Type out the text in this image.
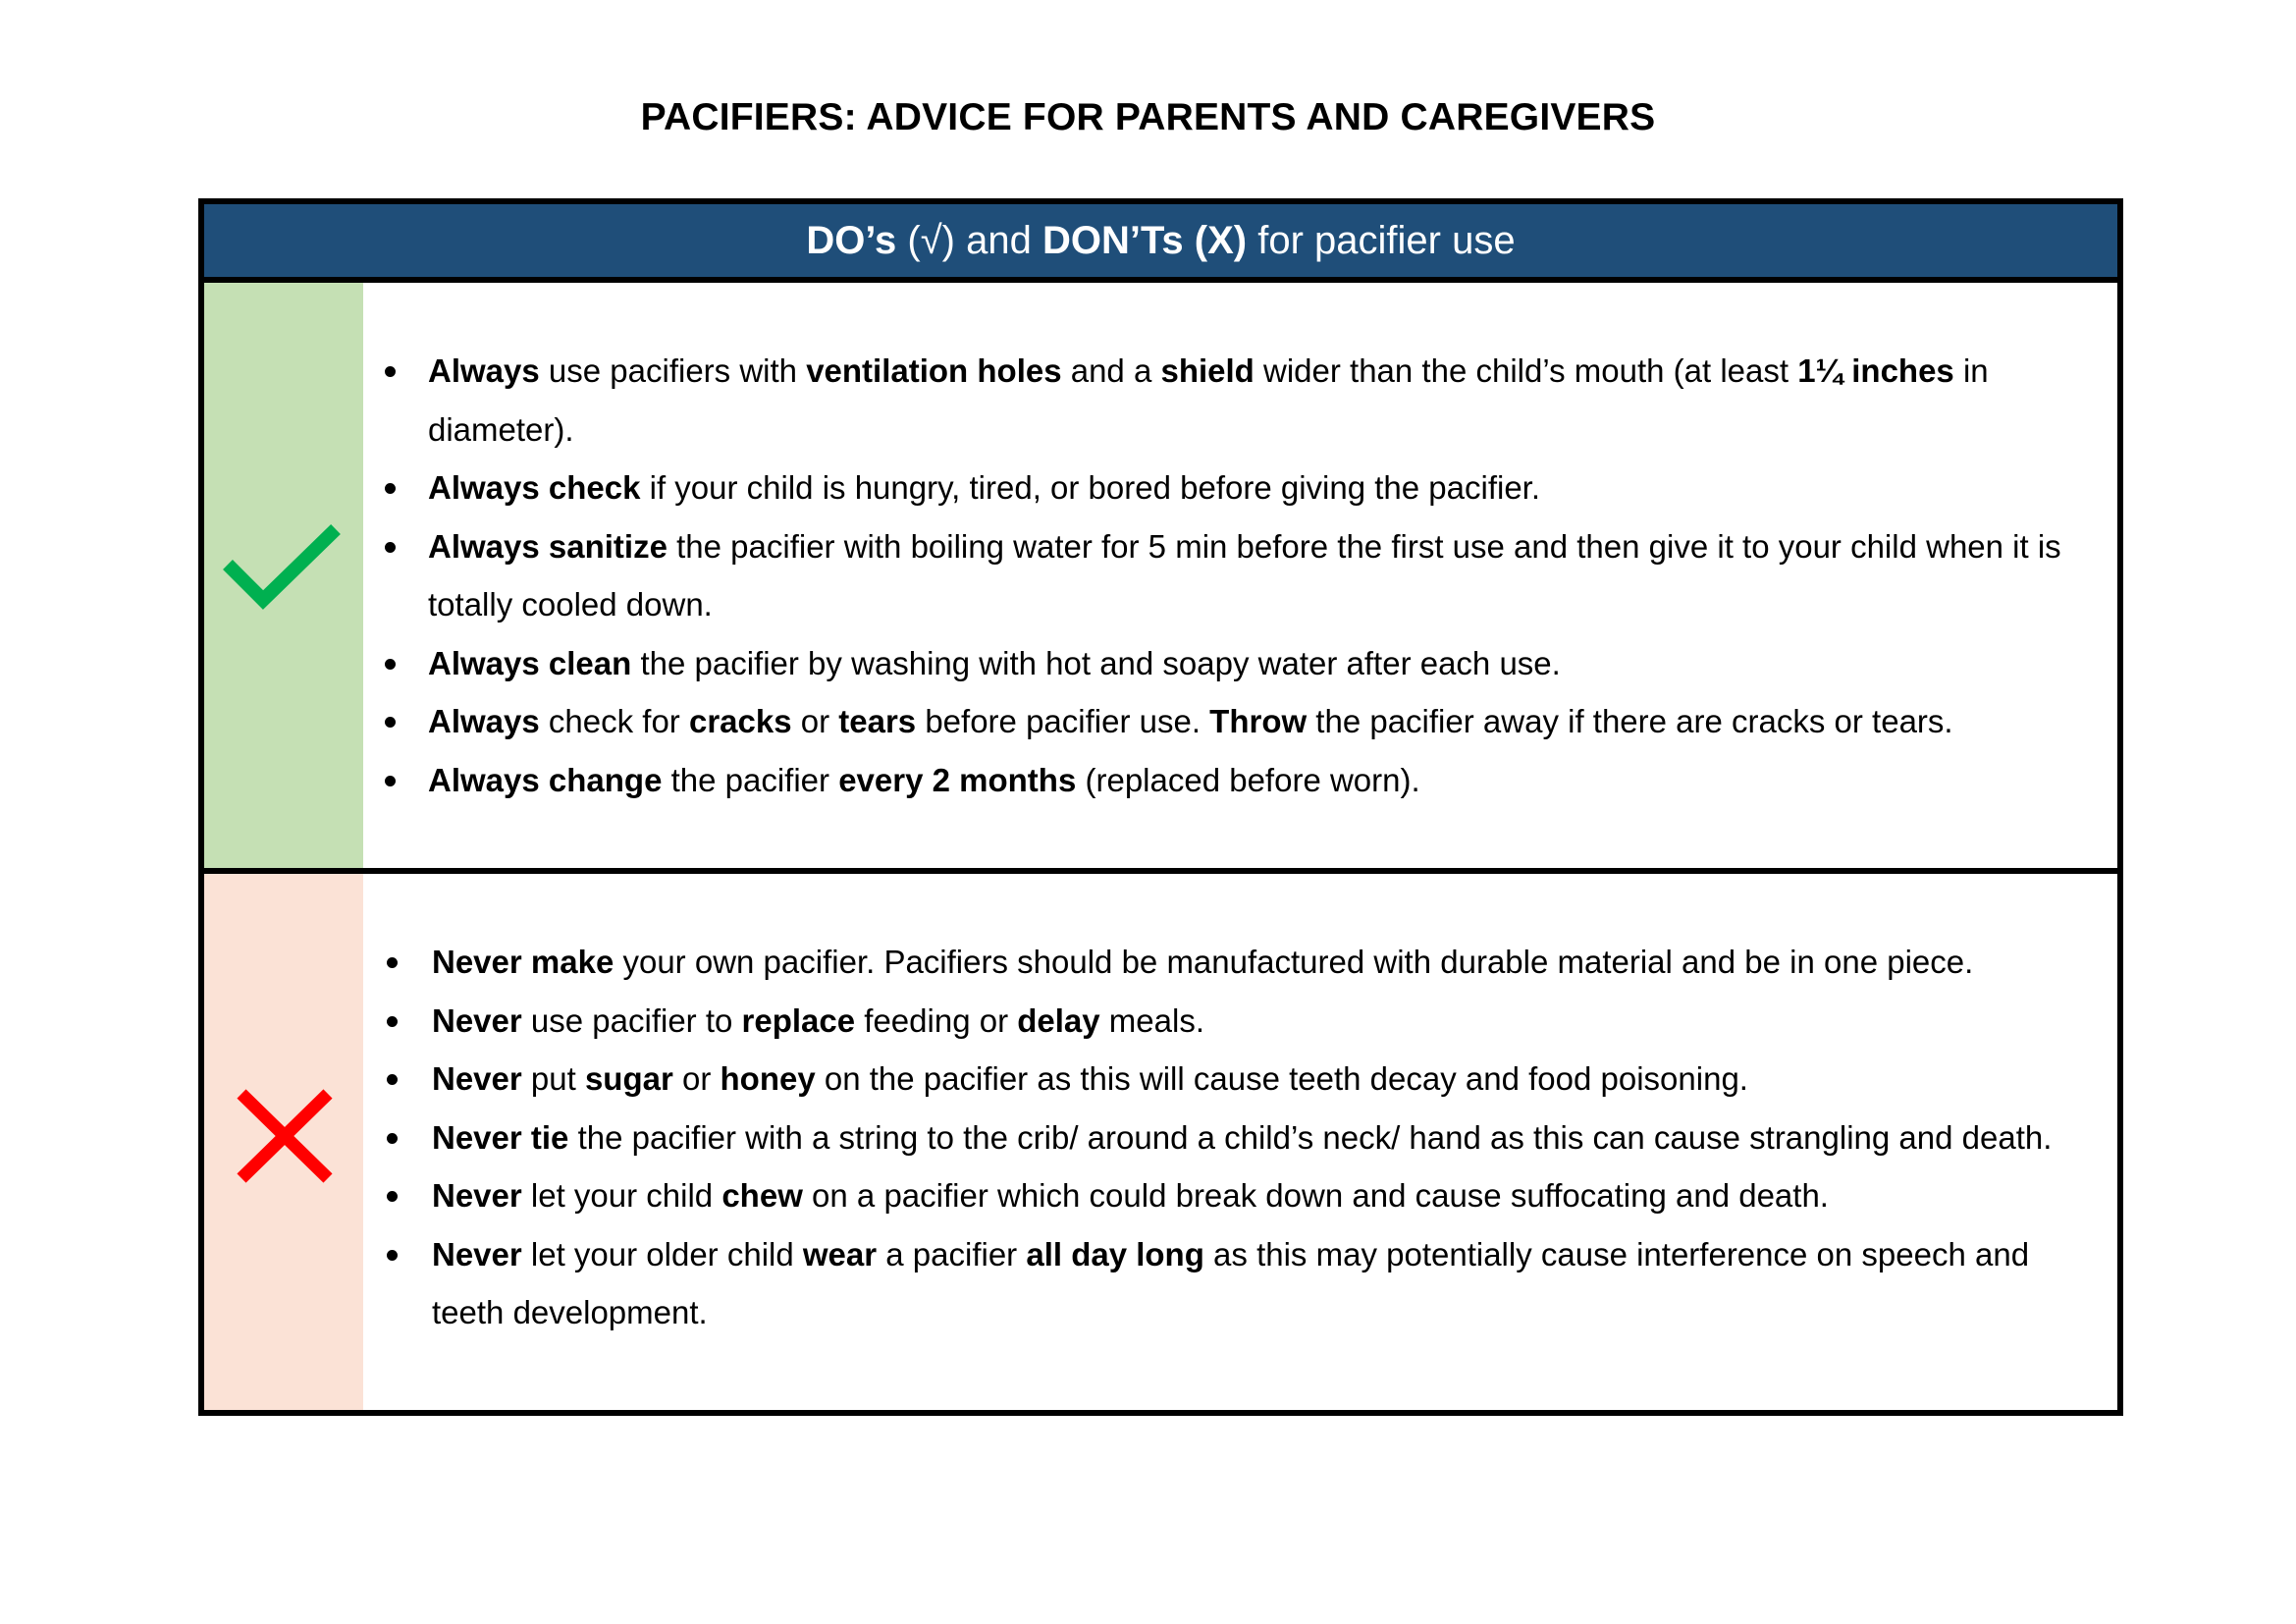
PACIFIERS: ADVICE FOR PARENTS AND CAREGIVERS
DO’s (√) and DON’Ts (X) for pacifier use
Always use pacifiers with ventilation holes and a shield wider than the child’s mouth (at least 1¼ inches in diameter).
Always check if your child is hungry, tired, or bored before giving the pacifier.
Always sanitize the pacifier with boiling water for 5 min before the first use and then give it to your child when it is totally cooled down.
Always clean the pacifier by washing with hot and soapy water after each use.
Always check for cracks or tears before pacifier use. Throw the pacifier away if there are cracks or tears.
Always change the pacifier every 2 months (replaced before worn).
Never make your own pacifier. Pacifiers should be manufactured with durable material and be in one piece.
Never use pacifier to replace feeding or delay meals.
Never put sugar or honey on the pacifier as this will cause teeth decay and food poisoning.
Never tie the pacifier with a string to the crib/ around a child’s neck/ hand as this can cause strangling and death.
Never let your child chew on a pacifier which could break down and cause suffocating and death.
Never let your older child wear a pacifier all day long as this may potentially cause interference on speech and teeth development.
